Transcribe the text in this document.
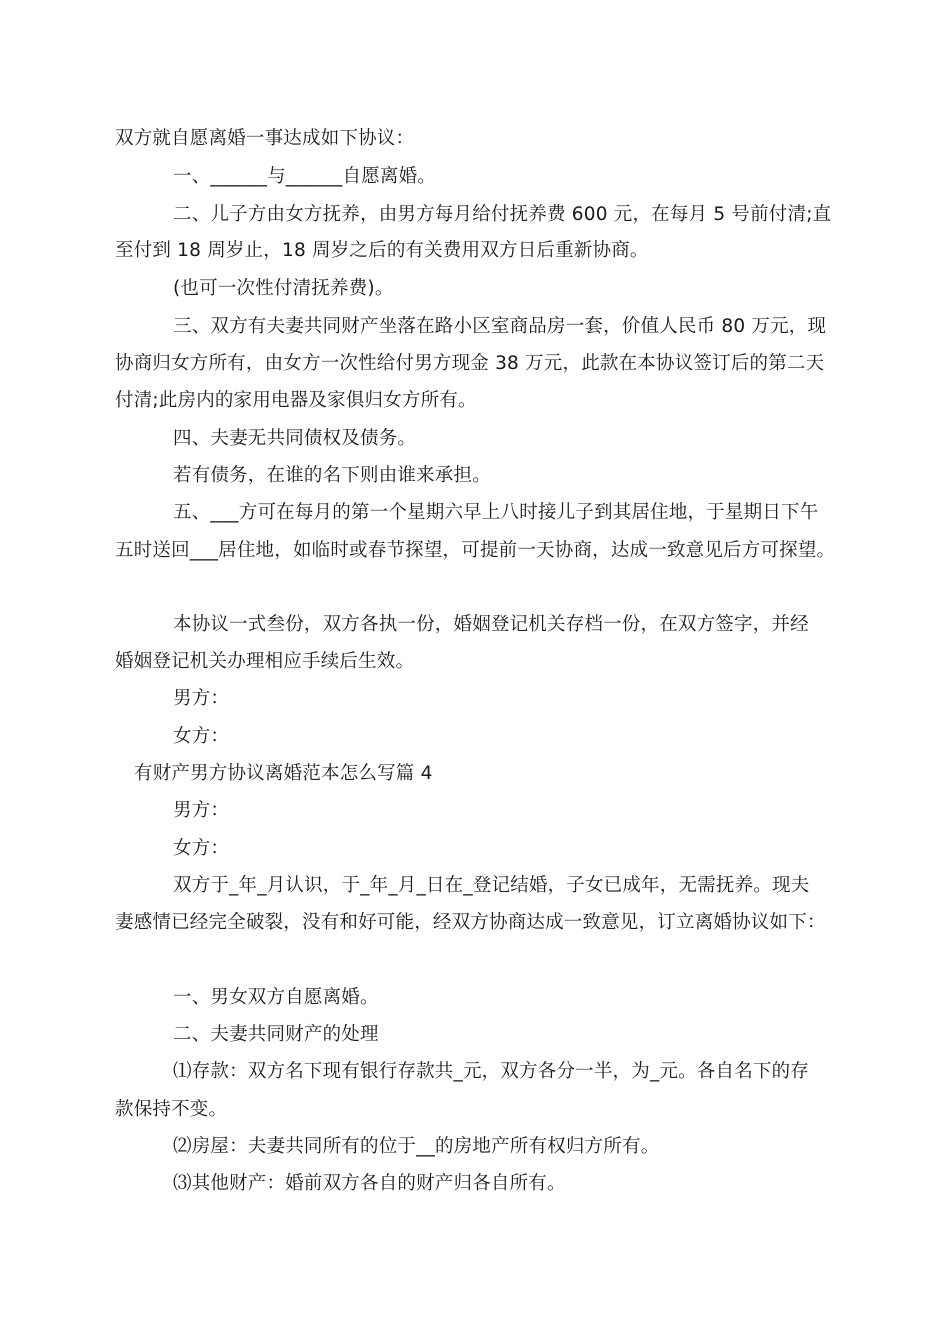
双方就自愿离婚一事达成如下协议：
一、______与______自愿离婚。
二、儿子方由女方抚养，由男方每月给付抚养费 600 元，在每月 5 号前付清;直
至付到 18 周岁止，18 周岁之后的有关费用双方日后重新协商。
(也可一次性付清抚养费)。
三、双方有夫妻共同财产坐落在路小区室商品房一套，价值人民币 80 万元，现
协商归女方所有，由女方一次性给付男方现金 38 万元，此款在本协议签订后的第二天
付清;此房内的家用电器及家俱归女方所有。
四、夫妻无共同债权及债务。
若有债务，在谁的名下则由谁来承担。
五、___方可在每月的第一个星期六早上八时接儿子到其居住地，于星期日下午
五时送回___居住地，如临时或春节探望，可提前一天协商，达成一致意见后方可探望。
本协议一式叁份，双方各执一份，婚姻登记机关存档一份，在双方签字，并经
婚姻登记机关办理相应手续后生效。
男方：
女方：
有财产男方协议离婚范本怎么写篇 4
男方：
女方：
双方于_年_月认识，于_年_月_日在_登记结婚，子女已成年，无需抚养。现夫
妻感情已经完全破裂，没有和好可能，经双方协商达成一致意见，订立离婚协议如下：
一、男女双方自愿离婚。
二、夫妻共同财产的处理
⑴存款：双方名下现有银行存款共_元，双方各分一半，为_元。各自名下的存
款保持不变。
⑵房屋：夫妻共同所有的位于__的房地产所有权归方所有。
⑶其他财产：婚前双方各自的财产归各自所有。
